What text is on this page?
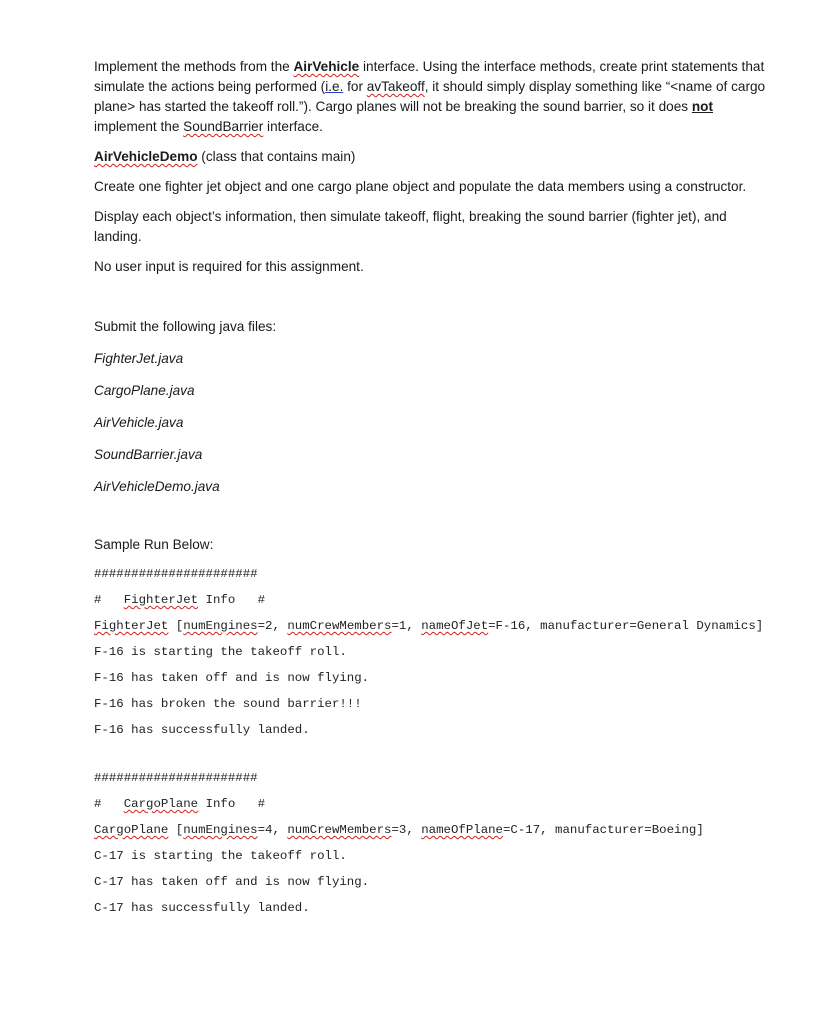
Implement the methods from the AirVehicle interface. Using the interface methods, create print statements that simulate the actions being performed (i.e. for avTakeoff, it should simply display something like “<name of cargo plane> has started the takeoff roll.”). Cargo planes will not be breaking the sound barrier, so it does not implement the SoundBarrier interface.

AirVehicleDemo (class that contains main)

Create one fighter jet object and one cargo plane object and populate the data members using a constructor.

Display each object’s information, then simulate takeoff, flight, breaking the sound barrier (fighter jet), and landing.

No user input is required for this assignment.

Submit the following java files:

FighterJet.java

CargoPlane.java

AirVehicle.java

SoundBarrier.java

AirVehicleDemo.java

Sample Run Below:

######################

#   FighterJet Info   #

FighterJet [numEngines=2, numCrewMembers=1, nameOfJet=F-16, manufacturer=General Dynamics]

F-16 is starting the takeoff roll.

F-16 has taken off and is now flying.

F-16 has broken the sound barrier!!!

F-16 has successfully landed.

######################

#   CargoPlane Info   #

CargoPlane [numEngines=4, numCrewMembers=3, nameOfPlane=C-17, manufacturer=Boeing]

C-17 is starting the takeoff roll.

C-17 has taken off and is now flying.

C-17 has successfully landed.
